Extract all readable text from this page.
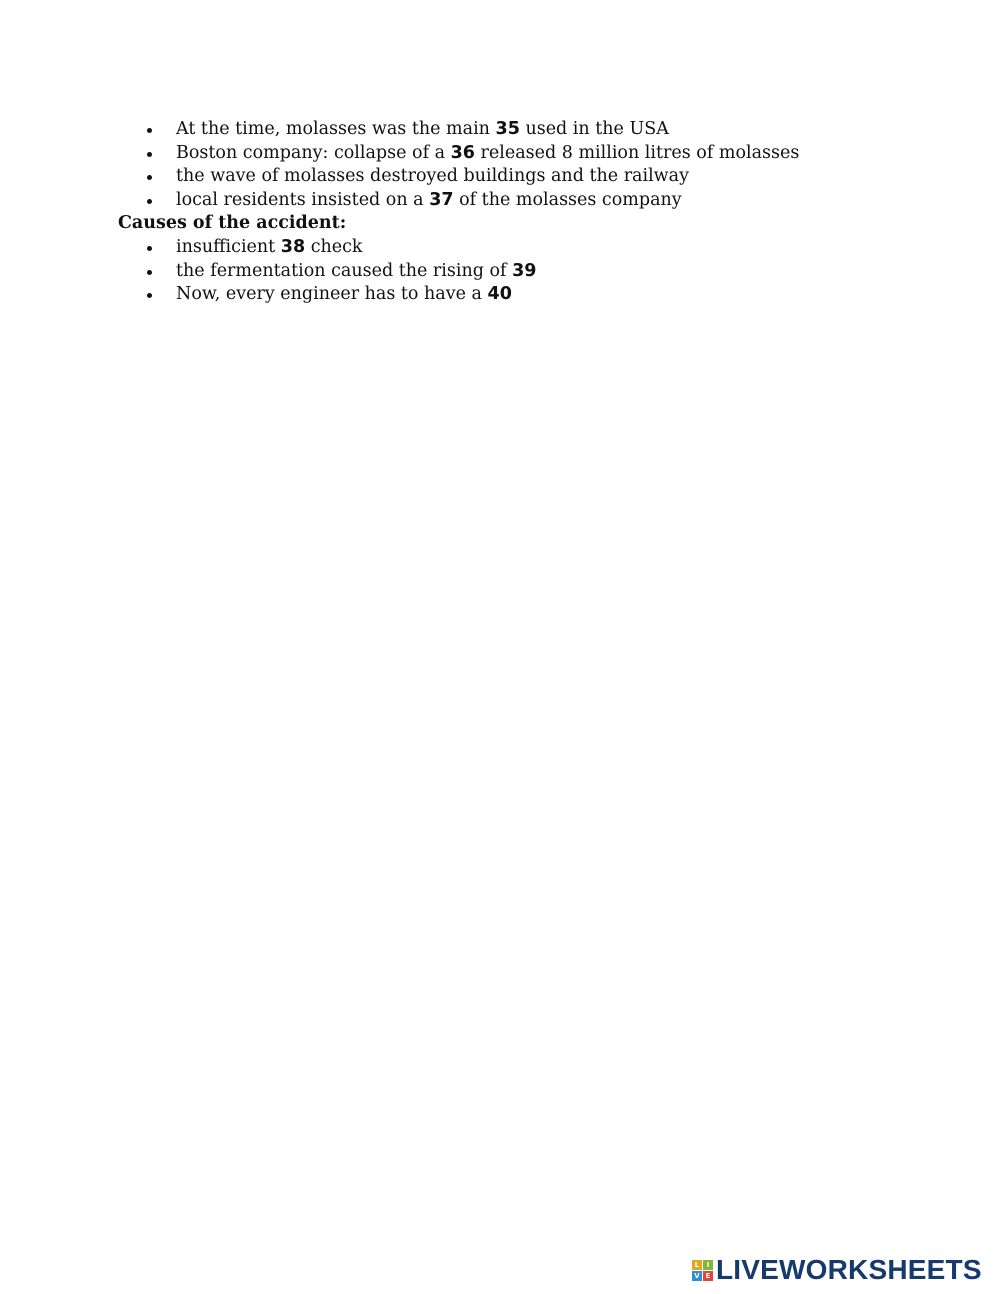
At the time, molasses was the main 35 used in the USA
Boston company: collapse of a 36 released 8 million litres of molasses
the wave of molasses destroyed buildings and the railway
local residents insisted on a 37 of the molasses company

Causes of the accident:

insufficient 38 check
the fermentation caused the rising of 39
Now, every engineer has to have a 40
L	I
V E LIVEWORKSHEETS
